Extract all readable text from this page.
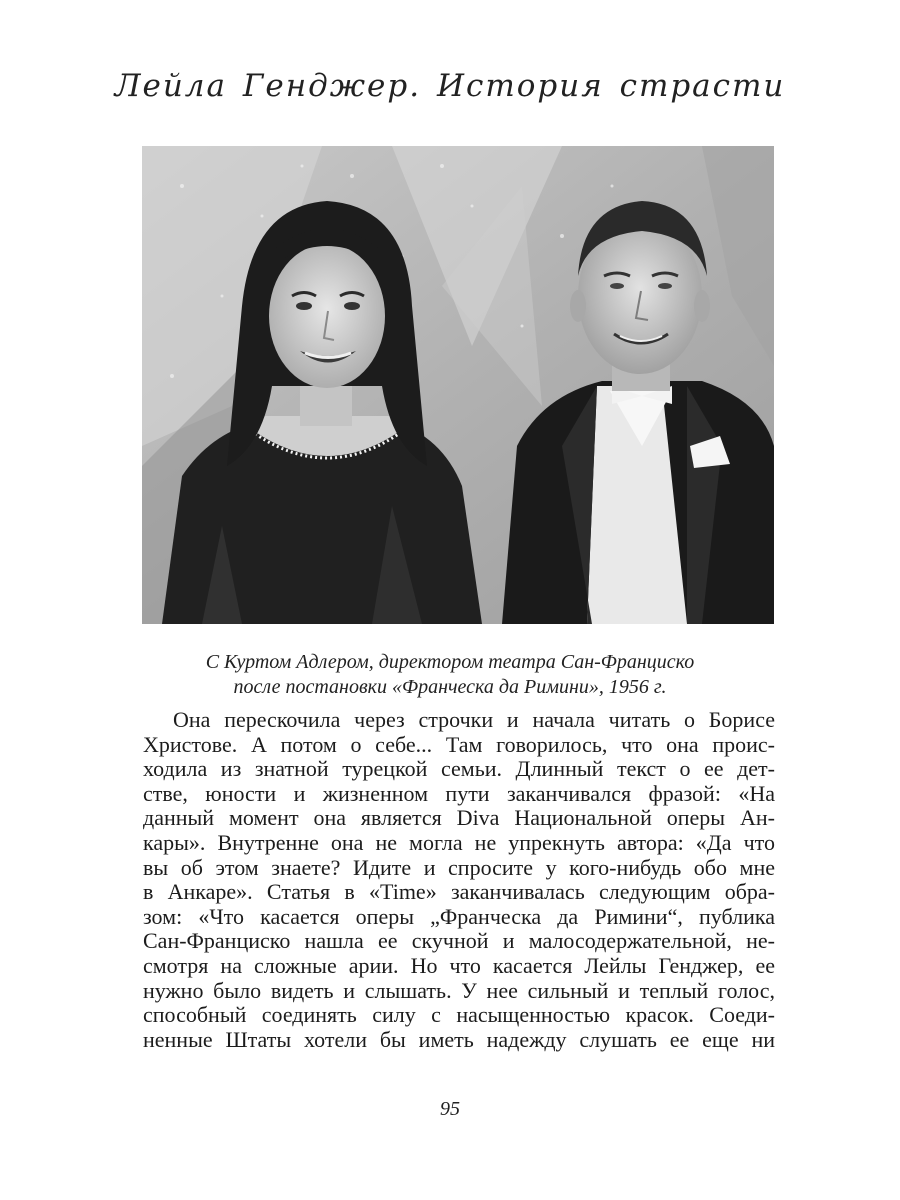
Лейла Генджер. История страсти

С Куртом Адлером, директором театра Сан-Франциско

после постановки «Франческа да Римини», 1956 г.

Она перескочила через строчки и начала читать о Борисе
Христове. А потом о себе... Там говорилось, что она проис-
ходила из знатной турецкой семьи. Длинный текст о ее дет-
стве, юности и жизненном пути заканчивался фразой: «На
данный момент она является Diva Национальной оперы Ан-
кары». Внутренне она не могла не упрекнуть автора: «Да что
вы об этом знаете? Идите и спросите у кого-нибудь обо мне
в Анкаре». Статья в «Time» заканчивалась следующим обра-
зом: «Что касается оперы „Франческа да Римини“, публика
Сан-Франциско нашла ее скучной и малосодержательной, не-
смотря на сложные арии. Но что касается Лейлы Генджер, ее
нужно было видеть и слышать. У нее сильный и теплый голос,
способный соединять силу с насыщенностью красок. Соеди-
ненные Штаты хотели бы иметь надежду слушать ее еще ни
95
